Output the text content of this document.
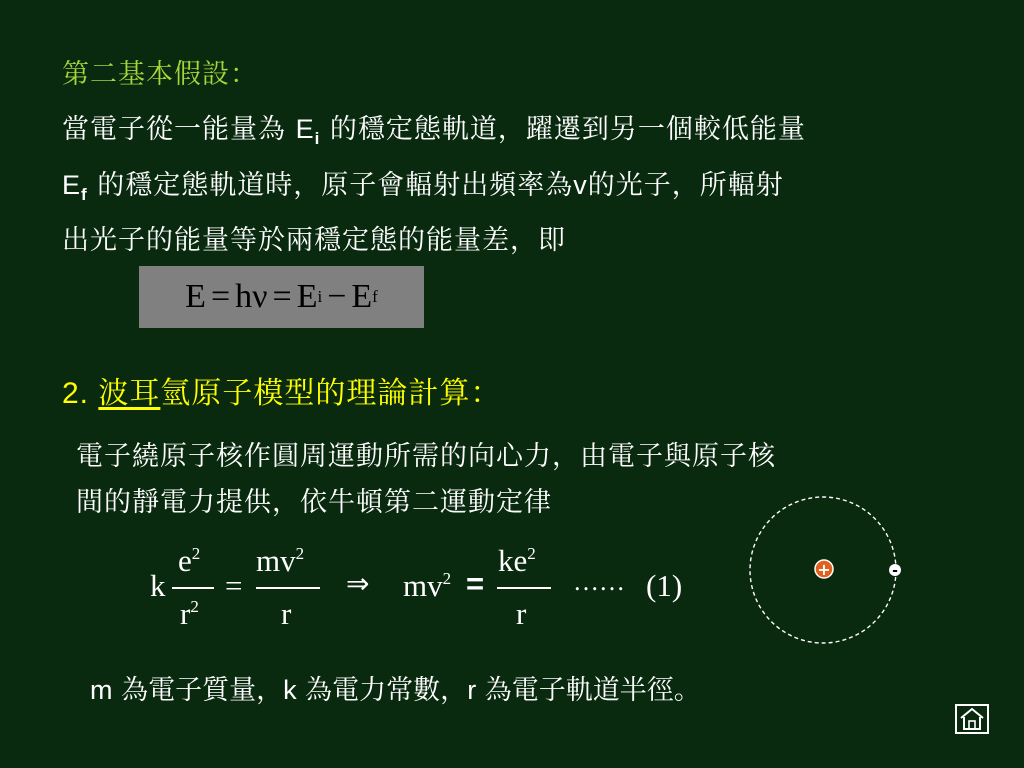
第二基本假設：
當電子從一能量為 $E_i$ 的穩定態軌道，躍遷到另一個較低能量
$E_f$ 的穩定態軌道時，原子會輻射出頻率為v的光子，所輻射
出光子的能量等於兩穩定態的能量差，即
E = hν = E i − E f
2. 波耳氫原子模型的理論計算：
電子繞原子核作圓周運動所需的向心力，由電子與原子核
間的靜電力提供，依牛頓第二運動定律
k
$e^2$
$r^2$
=
$mv^2$
r
⇒ $mv^2$ =
$ke^2$
r
…… (1)	+	-
m 為電子質量，k 為電力常數，r 為電子軌道半徑。
